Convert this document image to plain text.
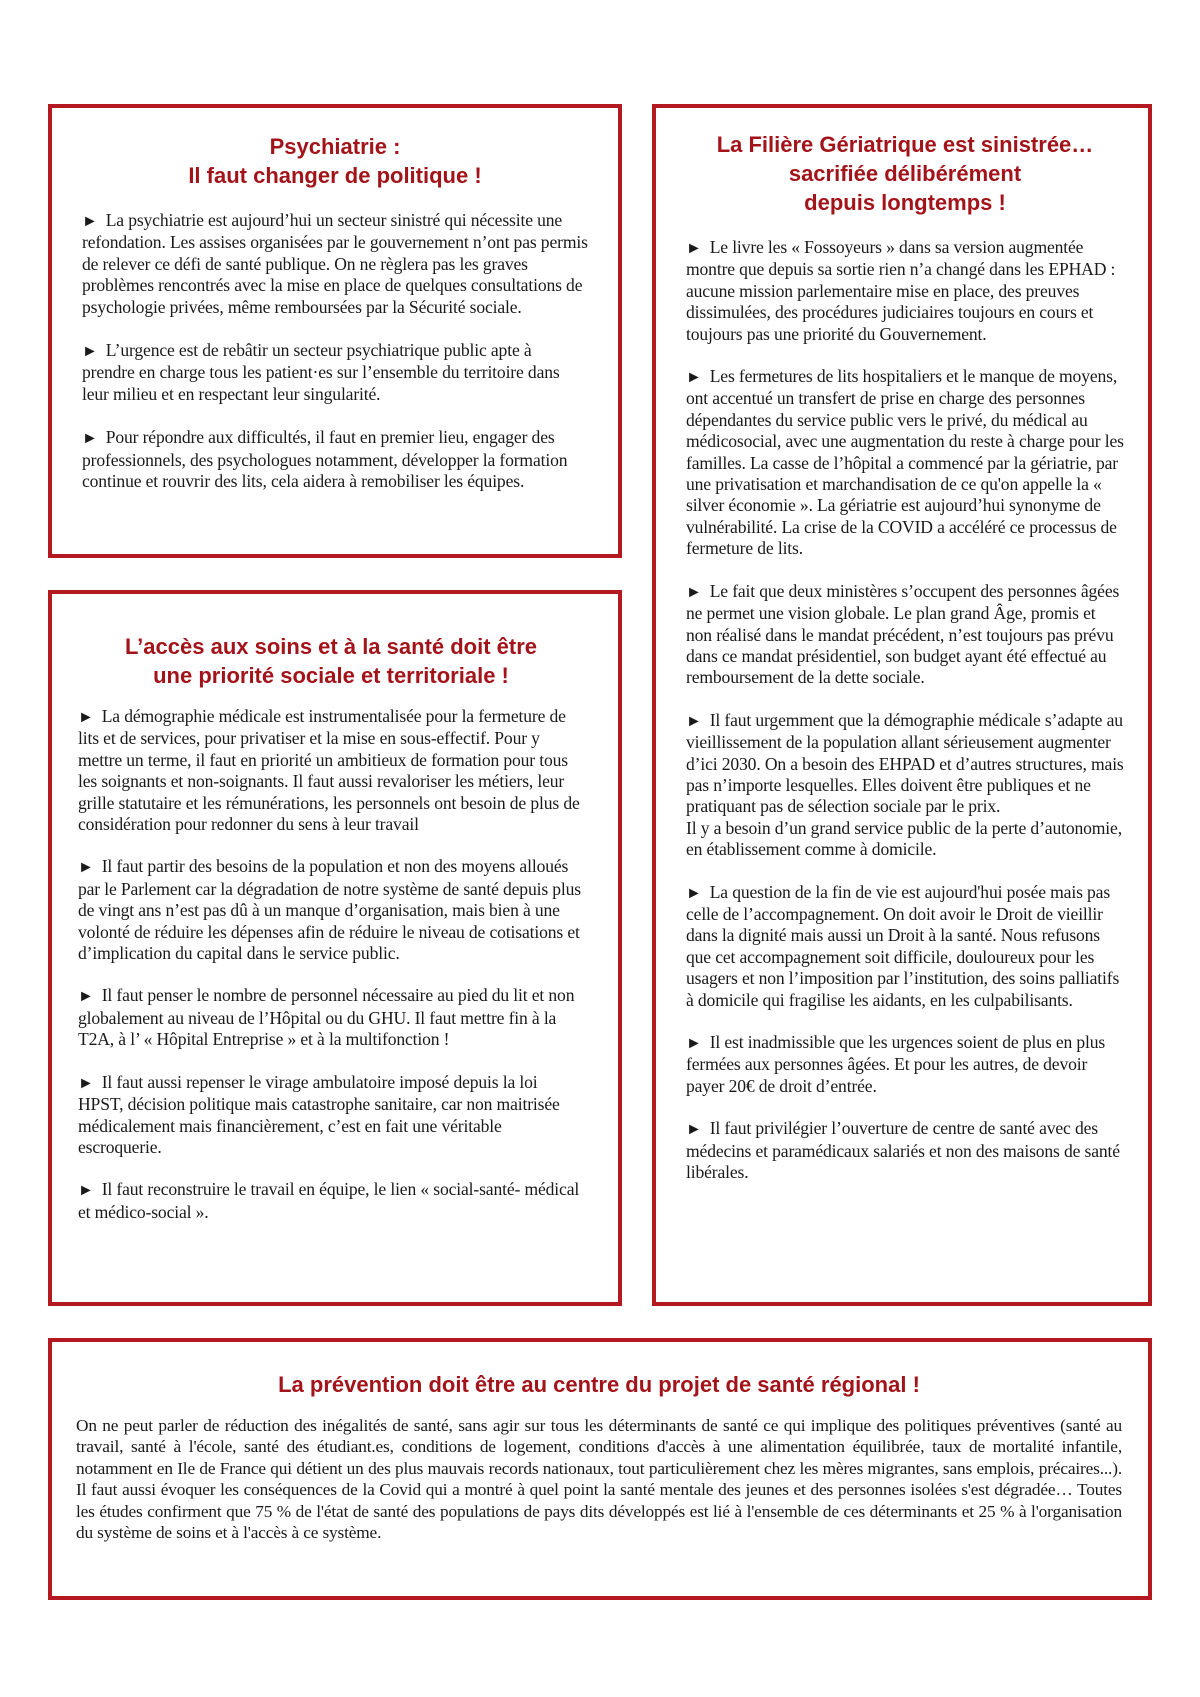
Psychiatrie :
Il faut changer de politique !

► La psychiatrie est aujourd’hui un secteur sinistré qui nécessite une refondation. Les assises organisées par le gouvernement n’ont pas permis de relever ce défi de santé publique. On ne règlera pas les graves problèmes rencontrés avec la mise en place de quelques consultations de psychologie privées, même remboursées par la Sécurité sociale.

► L’urgence est de rebâtir un secteur psychiatrique public apte à prendre en charge tous les patient·es sur l’ensemble du territoire dans leur milieu et en respectant leur singularité.

► Pour répondre aux difficultés, il faut en premier lieu, engager des professionnels, des psychologues notamment, développer la formation continue et rouvrir des lits, cela aidera à remobiliser les équipes.

L’accès aux soins et à la santé doit être
une priorité sociale et territoriale !

► La démographie médicale est instrumentalisée pour la fermeture de lits et de services, pour privatiser et la mise en sous-effectif. Pour y mettre un terme, il faut en priorité un ambitieux de formation pour tous les soignants et non-soignants. Il faut aussi revaloriser les métiers, leur grille statutaire et les rémunérations, les personnels ont besoin de plus de considération pour redonner du sens à leur travail

► Il faut partir des besoins de la population et non des moyens alloués par le Parlement car la dégradation de notre système de santé depuis plus de vingt ans n’est pas dû à un manque d’organisation, mais bien à une volonté de réduire les dépenses afin de réduire le niveau de cotisations et d’implication du capital dans le service public.

► Il faut penser le nombre de personnel nécessaire au pied du lit et non globalement au niveau de l’Hôpital ou du GHU. Il faut mettre fin à la T2A, à l’ « Hôpital Entreprise » et à la multifonction !

► Il faut aussi repenser le virage ambulatoire imposé depuis la loi HPST, décision politique mais catastrophe sanitaire, car non maitrisée médicalement mais financièrement, c’est en fait une véritable escroquerie.

► Il faut reconstruire le travail en équipe, le lien « social-santé- médical et médico-social ».

La Filière Gériatrique est sinistrée…
sacrifiée délibérément
depuis longtemps !

► Le livre les « Fossoyeurs » dans sa version augmentée montre que depuis sa sortie rien n’a changé dans les EPHAD : aucune mission parlementaire mise en place, des preuves dissimulées, des procédures judiciaires toujours en cours et toujours pas une priorité du Gouvernement.

► Les fermetures de lits hospitaliers et le manque de moyens, ont accentué un transfert de prise en charge des personnes dépendantes du service public vers le privé, du médical au médicosocial, avec une augmentation du reste à charge pour les familles. La casse de l’hôpital a commencé par la gériatrie, par une privatisation et marchandisation de ce qu'on appelle la « silver économie ». La gériatrie est aujourd’hui synonyme de vulnérabilité. La crise de la COVID a accéléré ce processus de fermeture de lits.

► Le fait que deux ministères s’occupent des personnes âgées ne permet une vision globale. Le plan grand Âge, promis et non réalisé dans le mandat précédent, n’est toujours pas prévu dans ce mandat présidentiel, son budget ayant été effectué au remboursement de la dette sociale.

► Il faut urgemment que la démographie médicale s’adapte au vieillissement de la population allant sérieusement augmenter d’ici 2030. On a besoin des EHPAD et d’autres structures, mais pas n’importe lesquelles. Elles doivent être publiques et ne pratiquant pas de sélection sociale par le prix.
Il y a besoin d’un grand service public de la perte d’autonomie, en établissement comme à domicile.

► La question de la fin de vie est aujourd'hui posée mais pas celle de l’accompagnement. On doit avoir le Droit de vieillir dans la dignité mais aussi un Droit à la santé. Nous refusons que cet accompagnement soit difficile, douloureux pour les usagers et non l’imposition par l’institution, des soins palliatifs à domicile qui fragilise les aidants, en les culpabilisants.

► Il est inadmissible que les urgences soient de plus en plus fermées aux personnes âgées. Et pour les autres, de devoir payer 20€ de droit d’entrée.

► Il faut privilégier l’ouverture de centre de santé avec des médecins et paramédicaux salariés et non des maisons de santé libérales.

La prévention doit être au centre du projet de santé régional !

On ne peut parler de réduction des inégalités de santé, sans agir sur tous les déterminants de santé ce qui implique des politiques préventives (santé au travail, santé à l'école, santé des étudiant.es, conditions de logement, conditions d'accès à une alimentation équilibrée, taux de mortalité infantile, notamment en Ile de France qui détient un des plus mauvais records nationaux, tout particulièrement chez les mères migrantes, sans emplois, précaires...). Il faut aussi évoquer les conséquences de la Covid qui a montré à quel point la santé mentale des jeunes et des personnes isolées s'est dégradée… Toutes les études confirment que 75 % de l'état de santé des populations de pays dits développés est lié à l'ensemble de ces déterminants et 25 % à l'organisation du système de soins et à l'accès à ce système.
